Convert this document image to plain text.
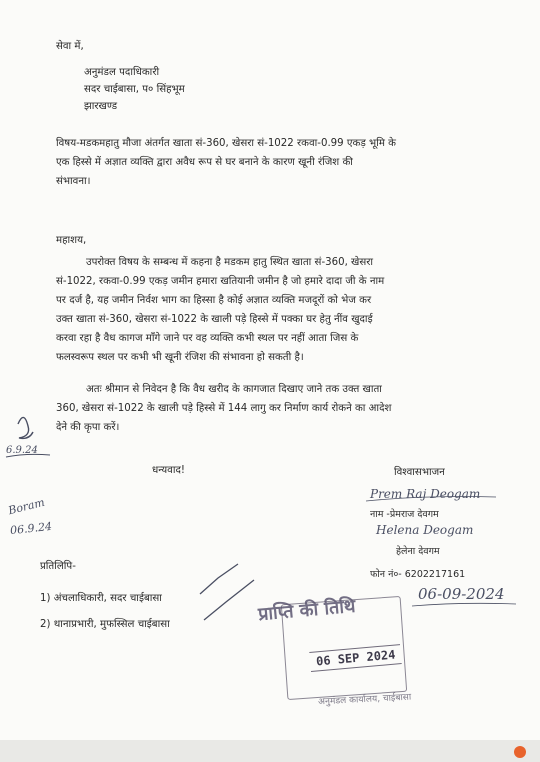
सेवा में,
अनुमंडल पदाधिकारी
सदर चाईबासा, प० सिंहभूम
झारखण्ड
विषय-मडकमहातु मौजा अंतर्गत खाता सं-360, खेसरा सं-1022 रकवा-0.99 एकड़ भूमि के
एक हिस्से में अज्ञात व्यक्ति द्वारा अवैध रूप से घर बनाने के कारण खूनी रंजिश की
संभावना।
महाशय,
उपरोक्त विषय के सम्बन्ध में कहना है मडकम हातु स्थित खाता सं-360, खेसरा
सं-1022, रकवा-0.99 एकड़ जमीन हमारा खतियानी जमीन है जो हमारे दादा जी के नाम
पर दर्ज है, यह जमीन निर्वश भाग का हिस्सा है कोई अज्ञात व्यक्ति मजदूरों को भेज कर
उक्त खाता सं-360, खेसरा सं-1022 के खाली पड़े हिस्से में पक्का घर हेतु नींव खुदाई
करवा रहा है वैध कागज माँगे जाने पर वह व्यक्ति कभी स्थल पर नहीं आता जिस के
फलस्वरूप स्थल पर कभी भी खूनी रंजिश की संभावना हो सकती है।
अतः श्रीमान से निवेदन है कि वैध खरीद के कागजात दिखाए जाने तक उक्त खाता
360, खेसरा सं-1022 के खाली पड़े हिस्से में 144 लागु कर निर्माण कार्य रोकने का आदेश
देने की कृपा करें।
6.9.24
धन्यवाद!	विश्वासभाजन
Prem Raj Deogam
नाम -प्रेमराज देवगम
Helena Deogam
हेलेना देवगम
Boram
06.9.24
प्रतिलिपि-
फोन नं०- 6202217161
1) अंचलाधिकारी, सदर चाईबासा	06-09-2024
2) थानाप्रभारी, मुफस्सिल चाईबासा	प्राप्ति की तिथि
06 SEP 2024
अनुमंडल कार्यालय, चाईबासा
